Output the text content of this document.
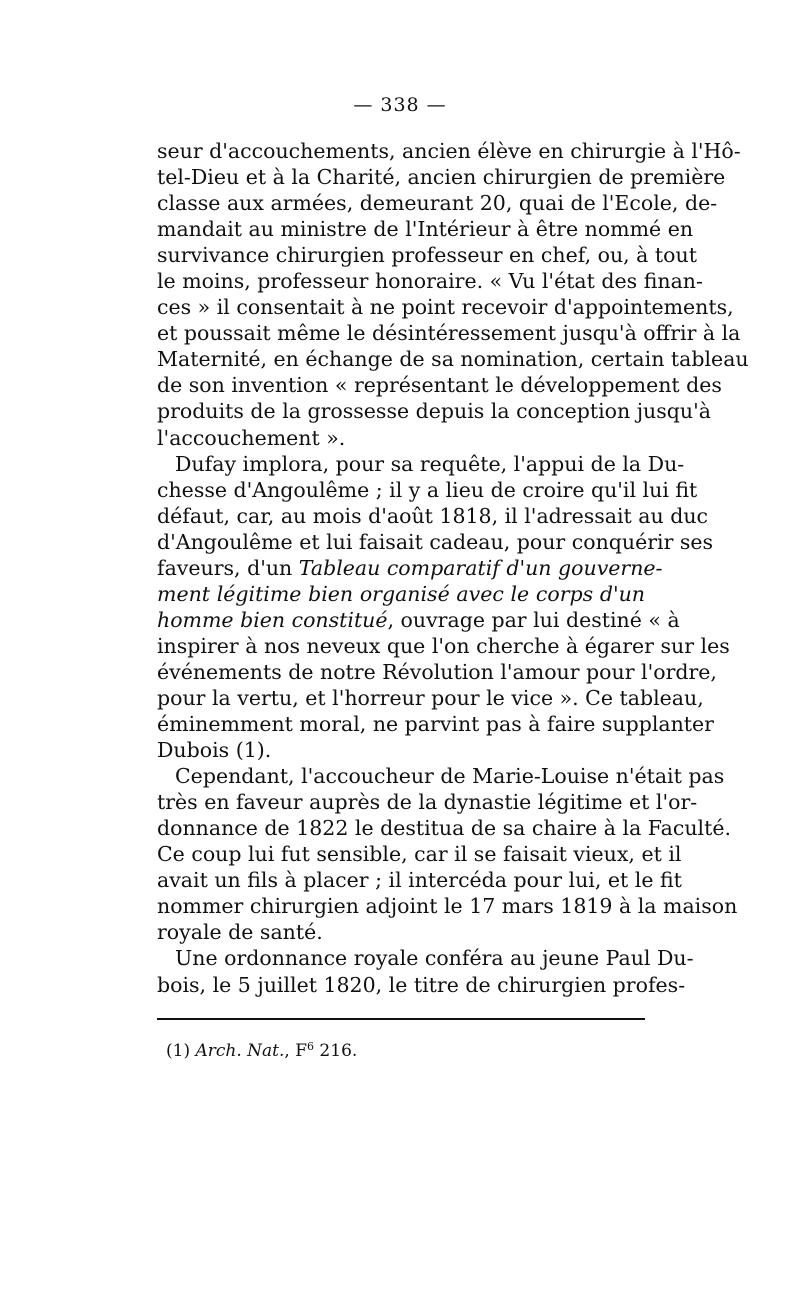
— 338 —
seur d'accouchements, ancien élève en chirurgie à l'Hô-
tel-Dieu et à la Charité, ancien chirurgien de première
classe aux armées, demeurant 20, quai de l'Ecole, de-
mandait au ministre de l'Intérieur à être nommé en
survivance chirurgien professeur en chef, ou, à tout
le moins, professeur honoraire. « Vu l'état des finan-
ces » il consentait à ne point recevoir d'appointements,
et poussait même le désintéressement jusqu'à offrir à la
Maternité, en échange de sa nomination, certain tableau
de son invention « représentant le développement des
produits de la grossesse depuis la conception jusqu'à
l'accouchement ».
Dufay implora, pour sa requête, l'appui de la Du-
chesse d'Angoulême ; il y a lieu de croire qu'il lui fit
défaut, car, au mois d'août 1818, il l'adressait au duc
d'Angoulême et lui faisait cadeau, pour conquérir ses
faveurs, d'un Tableau comparatif d'un gouverne-
ment légitime bien organisé avec le corps d'un
homme bien constitué, ouvrage par lui destiné « à
inspirer à nos neveux que l'on cherche à égarer sur les
événements de notre Révolution l'amour pour l'ordre,
pour la vertu, et l'horreur pour le vice ». Ce tableau,
éminemment moral, ne parvint pas à faire supplanter
Dubois (1).
Cependant, l'accoucheur de Marie-Louise n'était pas
très en faveur auprès de la dynastie légitime et l'or-
donnance de 1822 le destitua de sa chaire à la Faculté.
Ce coup lui fut sensible, car il se faisait vieux, et il
avait un fils à placer ; il intercéda pour lui, et le fit
nommer chirurgien adjoint le 17 mars 1819 à la maison
royale de santé.
Une ordonnance royale conféra au jeune Paul Du-
bois, le 5 juillet 1820, le titre de chirurgien profes-
(1) Arch. Nat., $F^6$ 216.
